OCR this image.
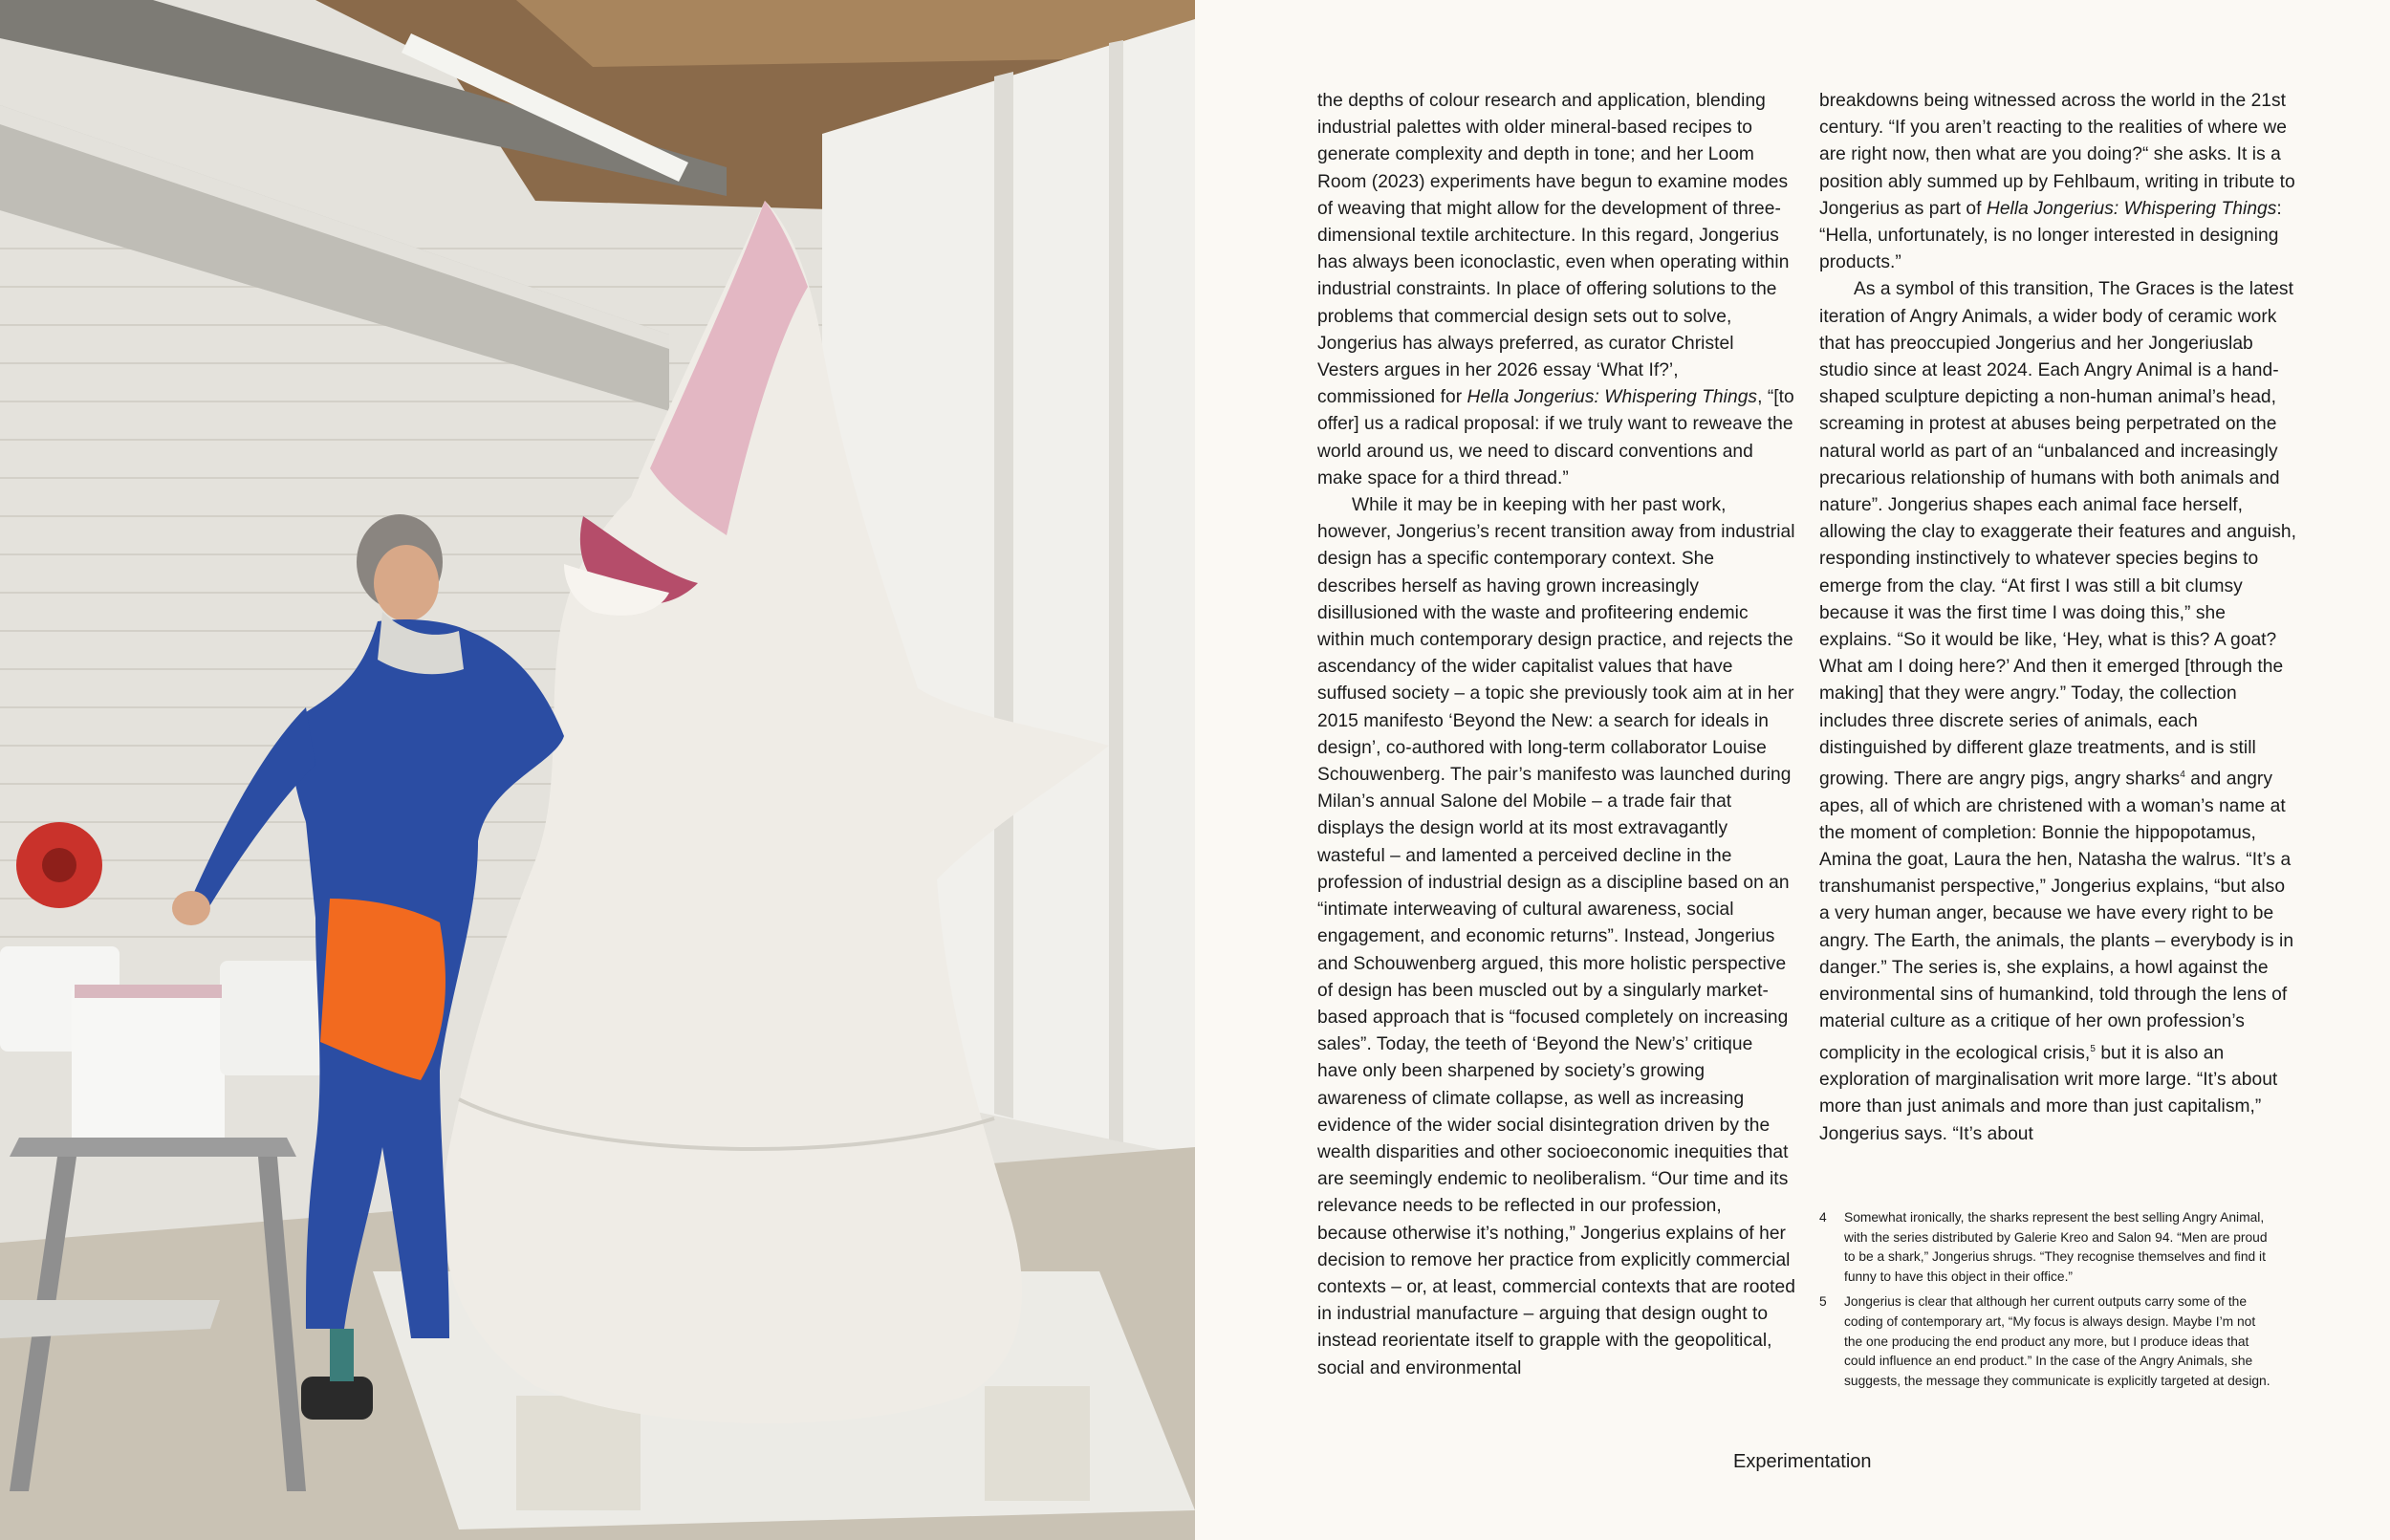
the depths of colour research and application, blending industrial palettes with older mineral-based recipes to generate complexity and depth in tone; and her Loom Room (2023) experiments have begun to examine modes of weaving that might allow for the development of three-dimensional textile architecture. In this regard, Jongerius has always been iconoclastic, even when operating within industrial constraints. In place of offering solutions to the problems that commercial design sets out to solve, Jongerius has always preferred, as curator Christel Vesters argues in her 2026 essay ‘What If?’, commissioned for Hella Jongerius: Whispering Things, “[to offer] us a radical proposal: if we truly want to reweave the world around us, we need to discard conventions and make space for a third thread.”

While it may be in keeping with her past work, however, Jongerius’s recent transition away from industrial design has a specific contemporary context. She describes herself as having grown increasingly disillusioned with the waste and profiteering endemic within much contemporary design practice, and rejects the ascendancy of the wider capitalist values that have suffused society – a topic she previously took aim at in her 2015 manifesto ‘Beyond the New: a search for ideals in design’, co-authored with long-term collaborator Louise Schouwenberg. The pair’s manifesto was launched during Milan’s annual Salone del Mobile – a trade fair that displays the design world at its most extravagantly wasteful – and lamented a perceived decline in the profession of industrial design as a discipline based on an “intimate interweaving of cultural awareness, social engagement, and economic returns”. Instead, Jongerius and Schouwenberg argued, this more holistic perspective of design has been muscled out by a singularly market-based approach that is “focused completely on increasing sales”. Today, the teeth of ‘Beyond the New’s’ critique have only been sharpened by society’s growing awareness of climate collapse, as well as increasing evidence of the wider social disintegration driven by the wealth disparities and other socioeconomic inequities that are seemingly endemic to neoliberalism. “Our time and its relevance needs to be reflected in our profession, because otherwise it’s nothing,” Jongerius explains of her decision to remove her practice from explicitly commercial contexts – or, at least, commercial contexts that are rooted in industrial manufacture – arguing that design ought to instead reorientate itself to grapple with the geopolitical, social and environmental

breakdowns being witnessed across the world in the 21st century. “If you aren’t reacting to the realities of where we are right now, then what are you doing?“ she asks. It is a position ably summed up by Fehlbaum, writing in tribute to Jongerius as part of Hella Jongerius: Whispering Things: “Hella, unfortunately, is no longer interested in designing products.”

As a symbol of this transition, The Graces is the latest iteration of Angry Animals, a wider body of ceramic work that has preoccupied Jongerius and her Jongeriuslab studio since at least 2024. Each Angry Animal is a hand-shaped sculpture depicting a non-human animal’s head, screaming in protest at abuses being perpetrated on the natural world as part of an “unbalanced and increasingly precarious relationship of humans with both animals and nature”. Jongerius shapes each animal face herself, allowing the clay to exaggerate their features and anguish, responding instinctively to whatever species begins to emerge from the clay. “At first I was still a bit clumsy because it was the first time I was doing this,” she explains. “So it would be like, ‘Hey, what is this? A goat? What am I doing here?’ And then it emerged [through the making] that they were angry.” Today, the collection includes three discrete series of animals, each distinguished by different glaze treatments, and is still growing. There are angry pigs, angry sharks$^4$ and angry apes, all of which are christened with a woman’s name at the moment of completion: Bonnie the hippopotamus, Amina the goat, Laura the hen, Natasha the walrus. “It’s a transhumanist perspective,” Jongerius explains, “but also a very human anger, because we have every right to be angry. The Earth, the animals, the plants – everybody is in danger.” The series is, she explains, a howl against the environmental sins of humankind, told through the lens of material culture as a critique of her own profession’s complicity in the ecological crisis,$^5$ but it is also an exploration of marginalisation writ more large. “It’s about more than just animals and more than just capitalism,” Jongerius says. “It’s about

4	Somewhat ironically, the sharks represent the best selling Angry Animal, with the series distributed by Galerie Kreo and Salon 94. “Men are proud to be a shark,” Jongerius shrugs. “They recognise themselves and find it funny to have this object in their office.”
5	Jongerius is clear that although her current outputs carry some of the coding of contemporary art, “My focus is always design. Maybe I’m not the one producing the end product any more, but I produce ideas that could influence an end product.” In the case of the Angry Animals, she suggests, the message they communicate is explicitly targeted at design.
Experimentation
